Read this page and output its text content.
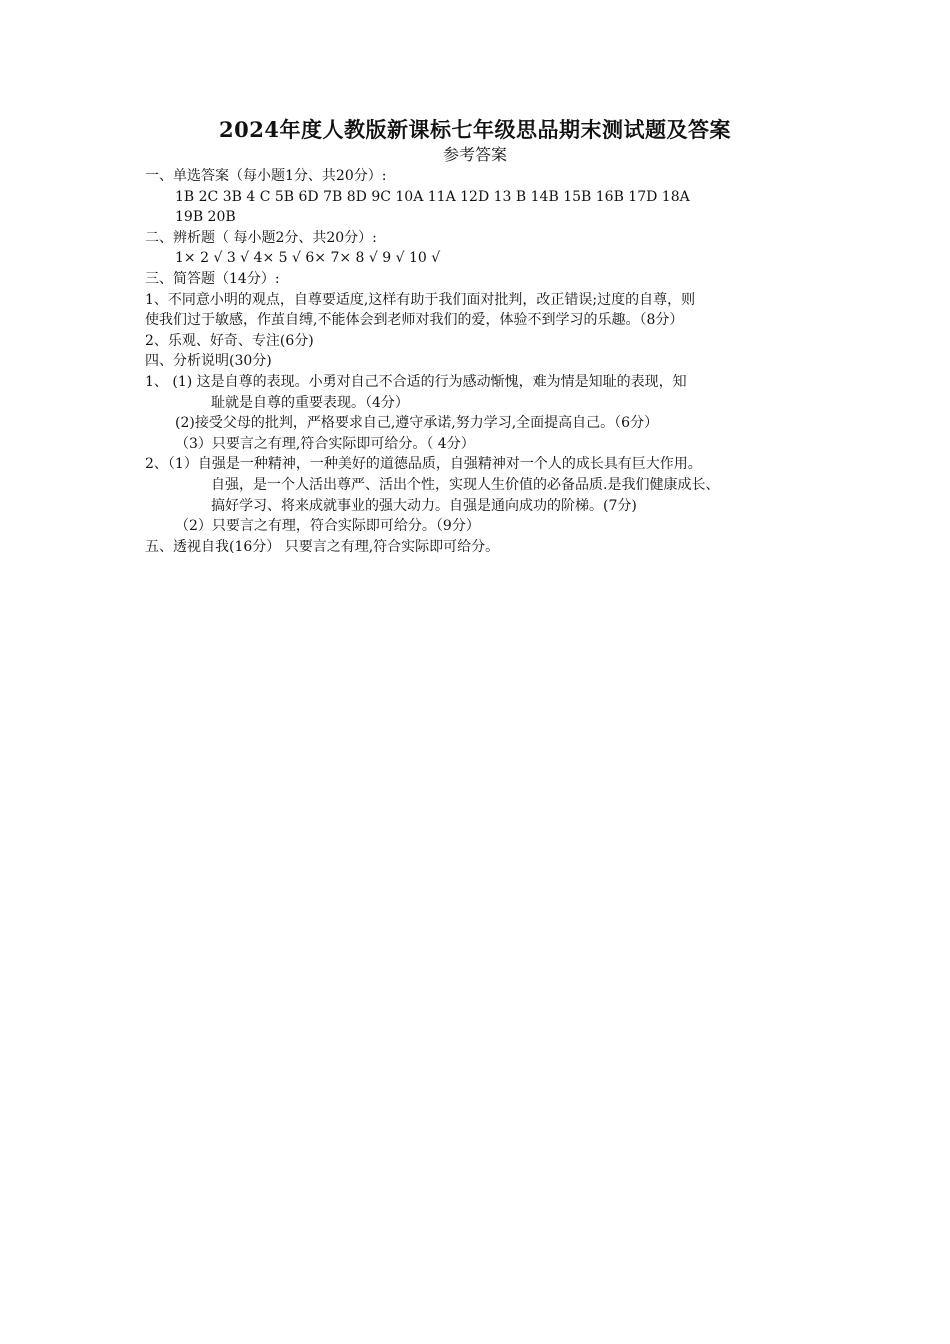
2024年度人教版新课标七年级思品期末测试题及答案
参考答案
一、单选答案（每小题1分、共20分）:
1B 2C 3B 4 C 5B 6D 7B 8D 9C 10A 11A 12D 13 B 14B 15B 16B 17D 18A
19B 20B
二、辨析题（ 每小题2分、共20分）:
1× 2 √ 3 √ 4× 5 √ 6× 7× 8 √ 9 √ 10 √
三、简答题（14分）:
1、不同意小明的观点，自尊要适度,这样有助于我们面对批判，改正错误;过度的自尊，则
使我们过于敏感，作茧自缚,不能体会到老师对我们的爱，体验不到学习的乐趣。（8分）
2、乐观、好奇、专注(6分)
四、分析说明(30分)
1、 (1) 这是自尊的表现。小勇对自己不合适的行为感动惭愧，难为情是知耻的表现，知
耻就是自尊的重要表现。（4分）
(2)接受父母的批判，严格要求自己,遵守承诺,努力学习,全面提高自己。（6分）
（3）只要言之有理,符合实际即可给分。（ 4分）
2、（1）自强是一种精神，一种美好的道德品质，自强精神对一个人的成长具有巨大作用。
自强，是一个人活出尊严、活出个性，实现人生价值的必备品质.是我们健康成长、
搞好学习、将来成就事业的强大动力。自强是通向成功的阶梯。(7分)
（2）只要言之有理，符合实际即可给分。（9分）
五、透视自我(16分） 只要言之有理,符合实际即可给分。
